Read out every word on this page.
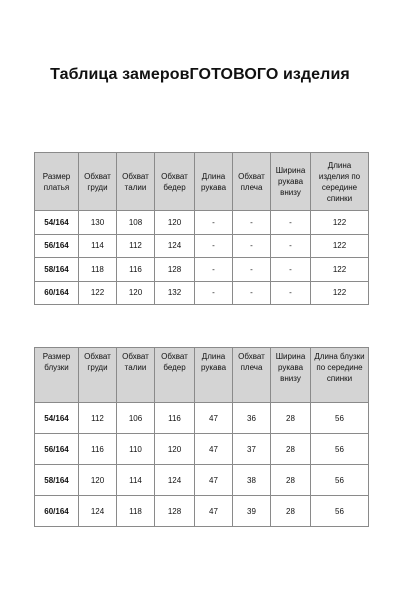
Таблица замеровГОТОВОГО изделия
Размер платья	Обхват груди	Обхват талии	Обхват бедер	Длина рукава	Обхват плеча	Ширина рукава внизу	Длина изделия по середине спинки
54/164	130	108	120	-	-	-	122
56/164	114	112	124	-	-	-	122
58/164	118	116	128	-	-	-	122
60/164	122	120	132	-	-	-	122
Размер блузки	Обхват груди	Обхват талии	Обхват бедер	Длина рукава	Обхват плеча	Ширина рукава внизу	Длина блузки по середине спинки
54/164	112	106	116	47	36	28	56
56/164	116	110	120	47	37	28	56
58/164	120	114	124	47	38	28	56
60/164	124	118	128	47	39	28	56
